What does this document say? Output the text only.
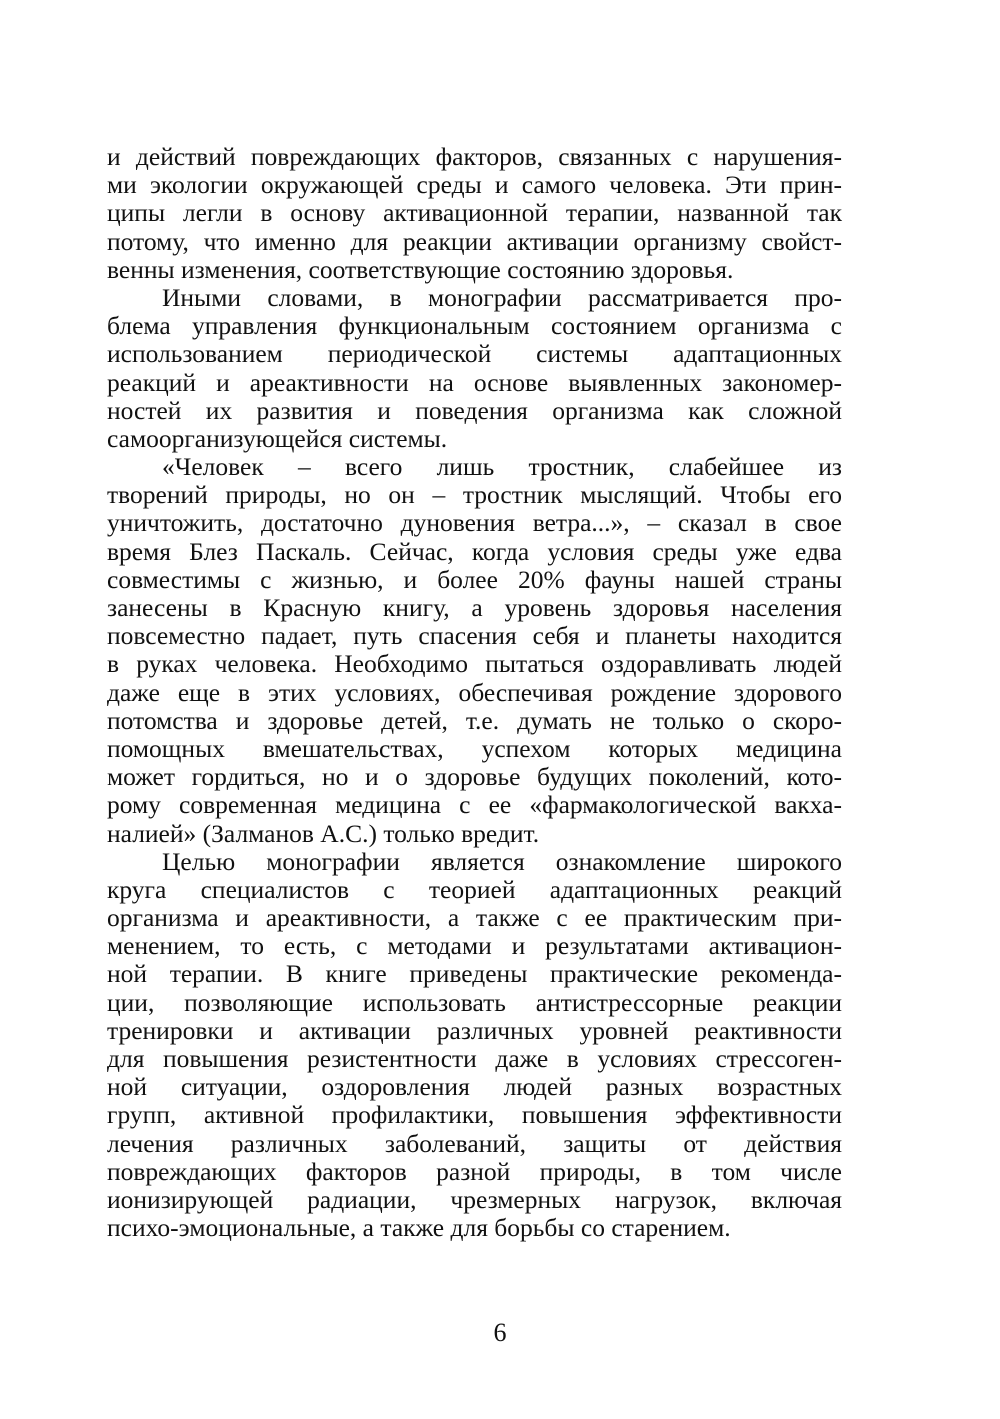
и действий повреждающих факторов, связанных с нарушения-
ми экологии окружающей среды и самого человека. Эти прин-
ципы легли в основу активационной терапии, названной так
потому, что именно для реакции активации организму свойст-
венны изменения, соответствующие состоянию здоровья.
Иными словами, в монографии рассматривается про-
блема управления функциональным состоянием организма с
использованием периодической системы адаптационных
реакций и ареактивности на основе выявленных закономер-
ностей их развития и поведения организма как сложной
самоорганизующейся системы.
«Человек – всего лишь тростник, слабейшее из
творений природы, но он – тростник мыслящий. Чтобы его
уничтожить, достаточно дуновения ветра...», – сказал в свое
время Блез Паскаль. Сейчас, когда условия среды уже едва
совместимы с жизнью, и более 20% фауны нашей страны
занесены в Красную книгу, а уровень здоровья населения
повсеместно падает, путь спасения себя и планеты находится
в руках человека. Необходимо пытаться оздоравливать людей
даже еще в этих условиях, обеспечивая рождение здорового
потомства и здоровье детей, т.е. думать не только о скоро-
помощных вмешательствах, успехом которых медицина
может гордиться, но и о здоровье будущих поколений, кото-
рому современная медицина с ее «фармакологической вакха-
налией» (Залманов А.С.) только вредит.
Целью монографии является ознакомление широкого
круга специалистов с теорией адаптационных реакций
организма и ареактивности, а также с ее практическим при-
менением, то есть, с методами и результатами активацион-
ной терапии. В книге приведены практические рекоменда-
ции, позволяющие использовать антистрессорные реакции
тренировки и активации различных уровней реактивности
для повышения резистентности даже в условиях стрессоген-
ной ситуации, оздоровления людей разных возрастных
групп, активной профилактики, повышения эффективности
лечения различных заболеваний, защиты от действия
повреждающих факторов разной природы, в том числе
ионизирующей радиации, чрезмерных нагрузок, включая
психо-эмоциональные, а также для борьбы со старением.
6
